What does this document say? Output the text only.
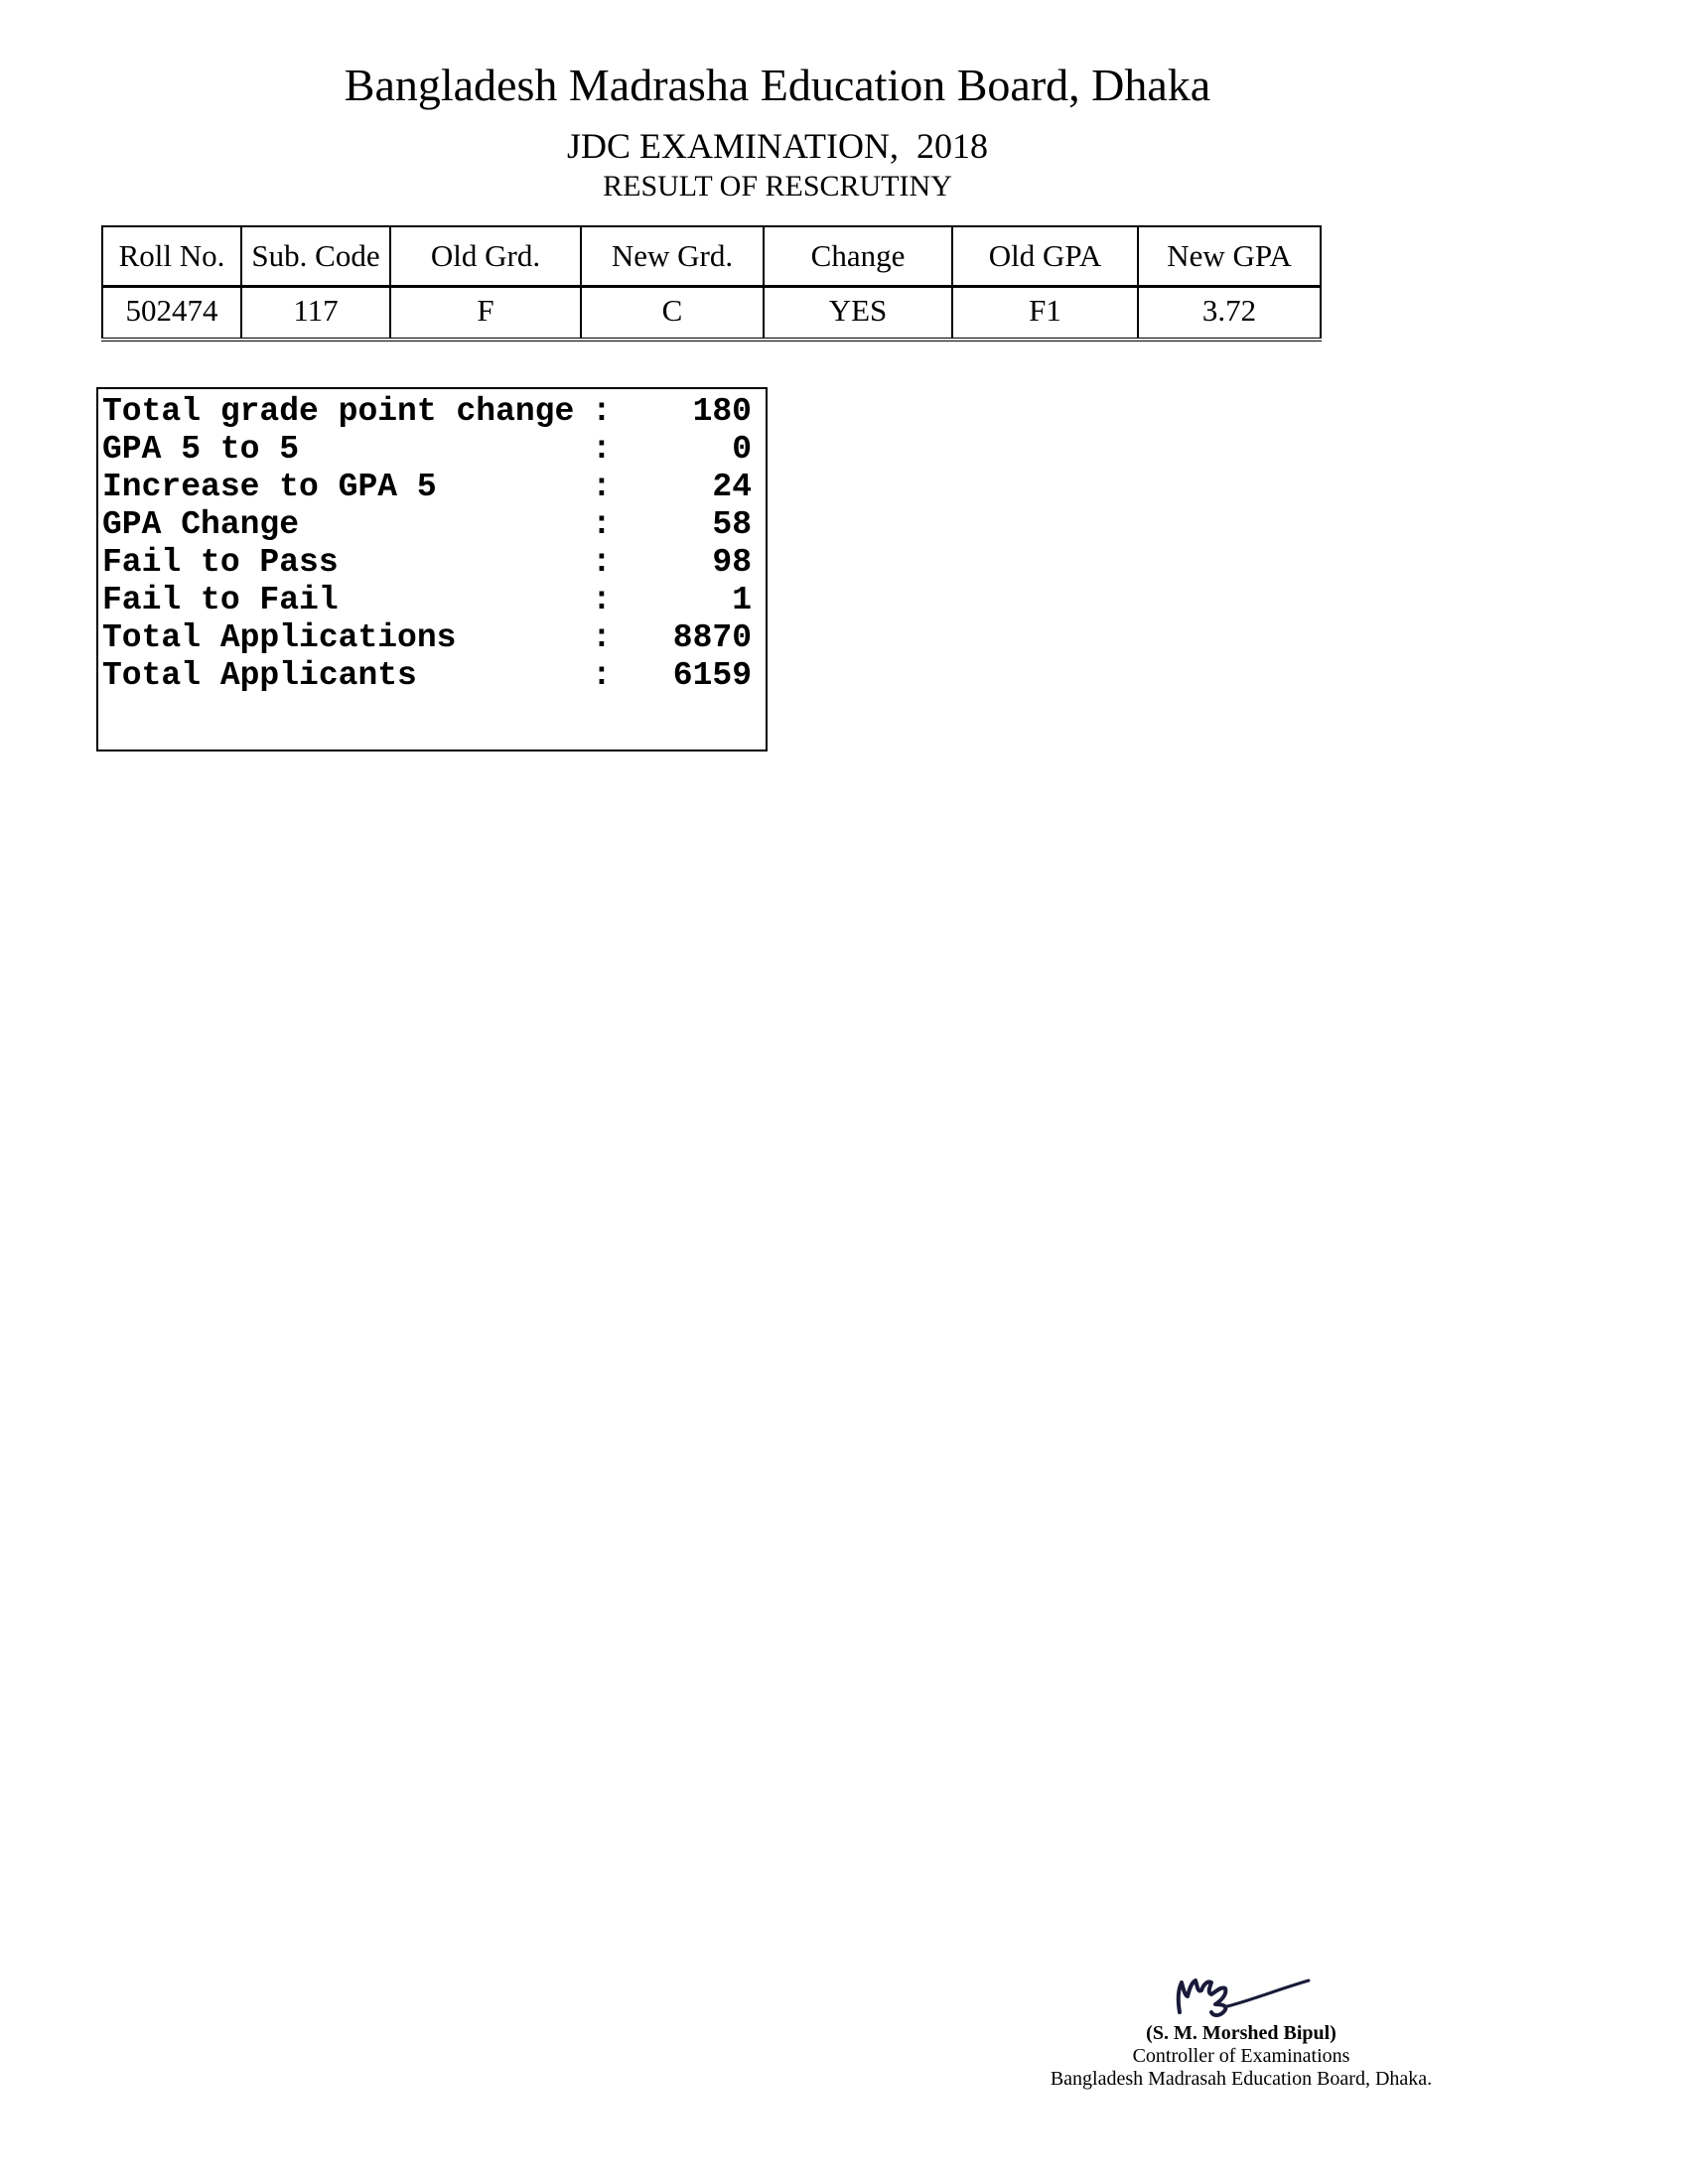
Bangladesh Madrasha Education Board, Dhaka
JDC EXAMINATION,  2018
RESULT OF RESCRUTINY
Roll No.	Sub. Code	Old Grd.	New Grd.	Change	Old GPA	New GPA
502474	117	F	C	YES	F1	3.72
Total grade point change : 180
GPA 5 to 5	:	0
Increase to GPA 5	:	24
GPA Change	:	58
Fail to Pass	:	98
Fail to Fail	:	1
Total Applications	: 8870
Total Applicants	: 6159
(S. M. Morshed Bipul)
Controller of Examinations
Bangladesh Madrasah Education Board, Dhaka.
